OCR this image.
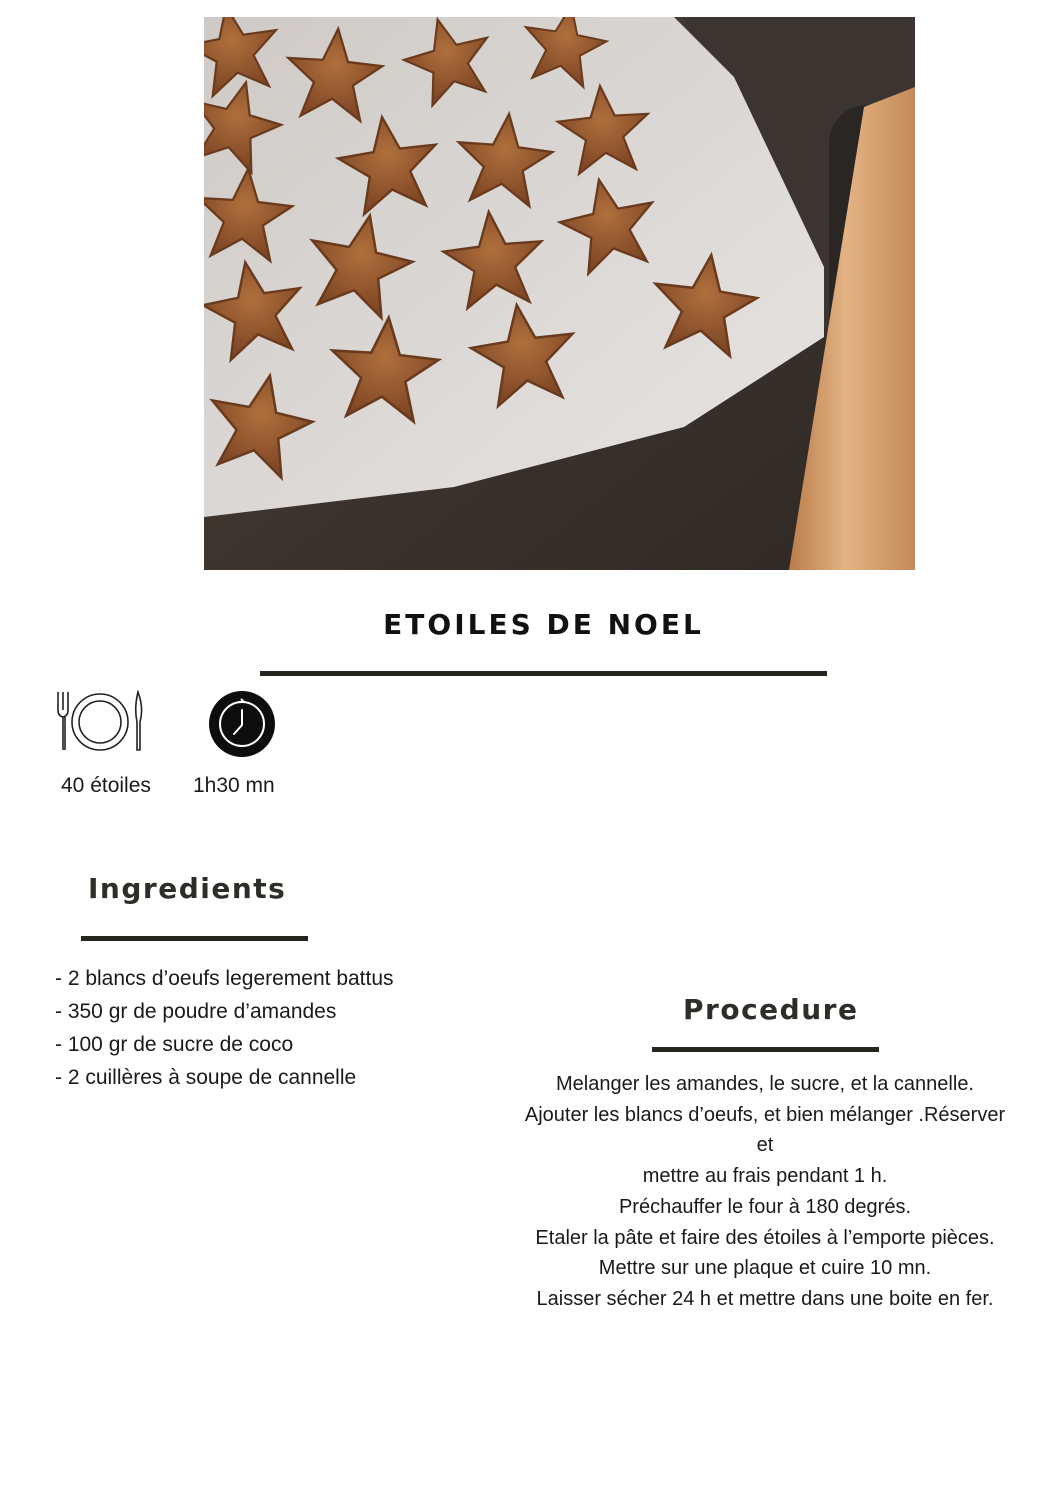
ETOILES DE NOEL
40 étoiles 1h30 mn
Ingredients
- 2 blancs d’oeufs legerement battus
- 350 gr de poudre d’amandes
- 100 gr de sucre de coco
- 2 cuillères à soupe de cannelle
Procedure
Melanger les amandes, le sucre, et la cannelle.
Ajouter les blancs d’oeufs, et bien mélanger .Réserver et
mettre au frais pendant 1 h.
Préchauffer le four à 180 degrés.
Etaler la pâte et faire des étoiles à l’emporte pièces.
Mettre sur une plaque et cuire 10 mn.
Laisser sécher 24 h et mettre dans une boite en fer.
